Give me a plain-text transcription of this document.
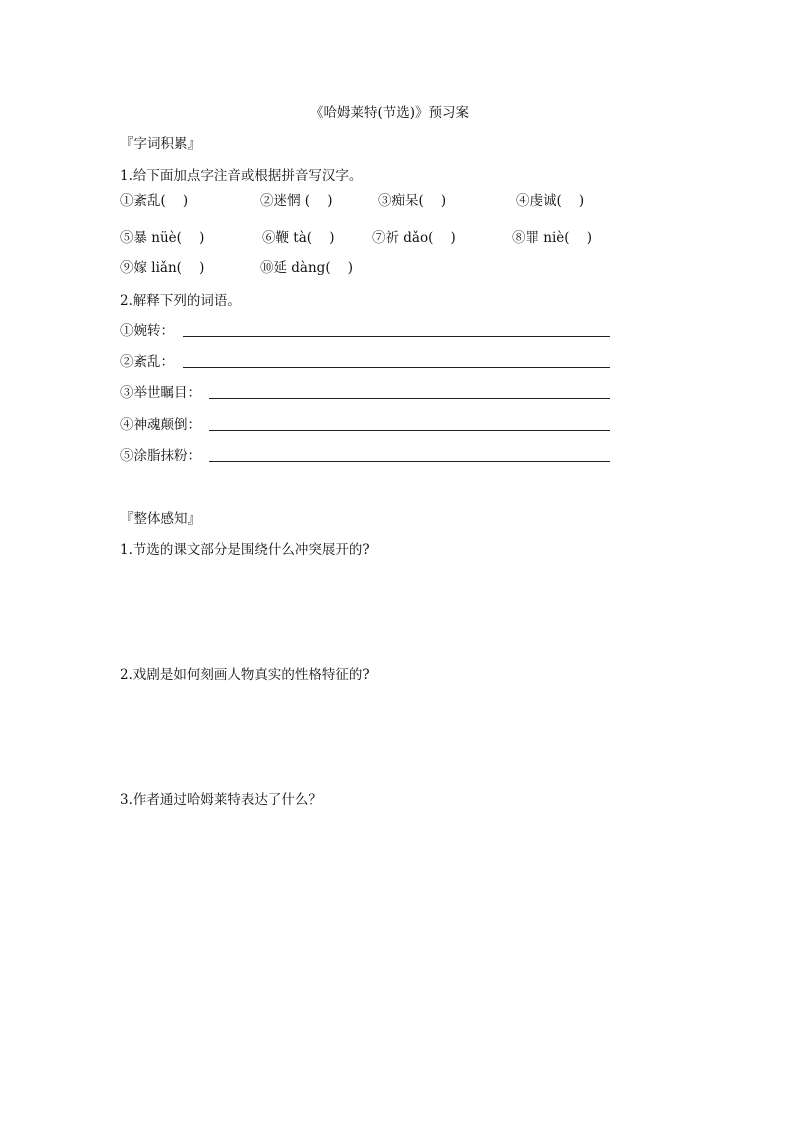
《哈姆莱特(节选)》预习案
『字词积累』
1.给下面加点字注音或根据拼音写汉字。
①紊乱(    )	②迷惘 (    )	③痴呆(    )	④虔诚(    )
⑤暴 nüè(    )	⑥鞭 tà(    )	⑦祈 dǎo(    )	⑧罪 niè(    )
⑨嫁 liǎn(    )	⑩延 dàng(    )
2.解释下列的词语。
①婉转：
②紊乱：
③举世瞩目：
④神魂颠倒：
⑤涂脂抹粉：
『整体感知』
1.节选的课文部分是围绕什么冲突展开的?
2.戏剧是如何刻画人物真实的性格特征的?
3.作者通过哈姆莱特表达了什么？
